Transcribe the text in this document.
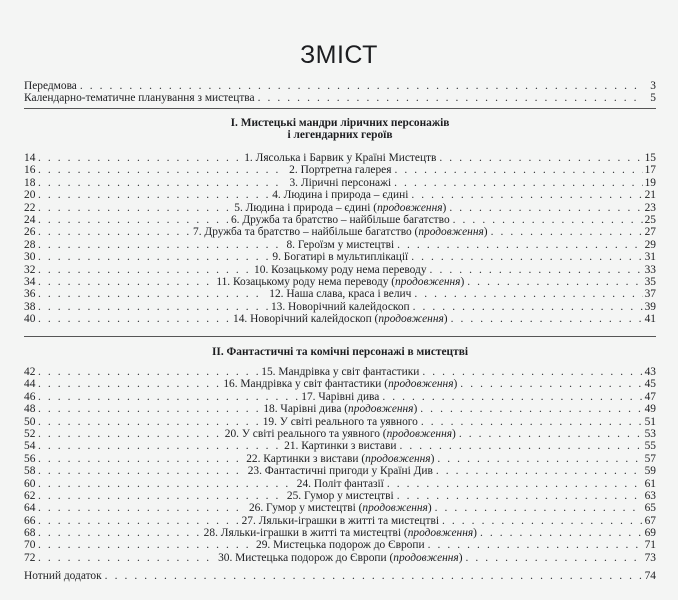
ЗМІСТ
Передмова . . .	3
Календарно-тематичне планування з мистецтва . . .	5
I. Мистецькі мандри ліричних персонажів
і легендарних героїв
14 . . .	1. Лясолька і Барвик у Країні Мистецтв . . .	15
16 . . .	2. Портретна галерея . . .	17
18 . . .	3. Ліричні персонажі . . .	19
20 . . .	4. Людина і природа – єдині . . .	21
22 . . .	5. Людина і природа – єдині (продовження) . . .	23
24 . . .	6. Дружба та братство – найбільше багатство . . .	25
26 . . .	7. Дружба та братство – найбільше багатство (продовження) . . .	27
28 . . .	8. Героїзм у мистецтві . . .	29
30 . . .	9. Богатирі в мультиплікації . . .	31
32 . . .	10. Козацькому роду нема переводу . . .	33
34 . . .	11. Козацькому роду нема переводу (продовження) . . .	35
36 . . .	12. Наша слава, краса і велич . . .	37
38 . . .	13. Новорічний калейдоскоп . . .	39
40 . . .	14. Новорічний калейдоскоп (продовження) . . .	41
II. Фантастичні та комічні персонажі в мистецтві
42 . . .	15. Мандрівка у світ фантастики . . .	43
44 . . .	16. Мандрівка у світ фантастики (продовження) . . .	45
46 . . .	17. Чарівні дива . . .	47
48 . . .	18. Чарівні дива (продовження) . . .	49
50 . . .	19. У світі реального та уявного . . .	51
52 . . .	20. У світі реального та уявного (продовження) . . .	53
54 . . .	21. Картинки з вистави . . .	55
56 . . .	22. Картинки з вистави (продовження) . . .	57
58 . . .	23. Фантастичні пригоди у Країні Див . . .	59
60 . . .	24. Політ фантазії . . .	61
62 . . .	25. Гумор у мистецтві . . .	63
64 . . .	26. Гумор у мистецтві (продовження) . . .	65
66 . . .	27. Ляльки-іграшки в житті та мистецтві . . .	67
68 . . .	28. Ляльки-іграшки в житті та мистецтві (продовження) . . .	69
70 . . .	29. Мистецька подорож до Європи . . .	71
72 . . .	30. Мистецька подорож до Європи (продовження) . . .	73
Нотний додаток . . .	74
